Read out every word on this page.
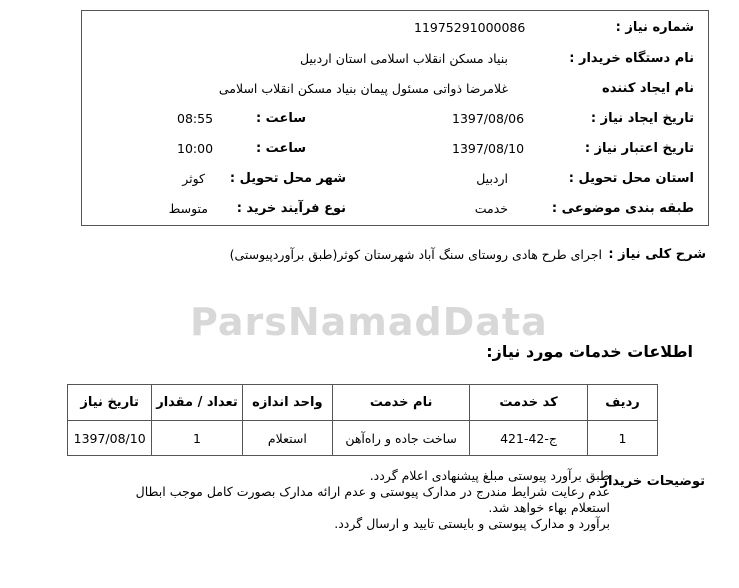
ParsNamadData
شماره نیاز :
11975291000086
نام دستگاه خریدار :
بنیاد مسکن انقلاب اسلامی استان اردبیل
نام ایجاد کننده
غلامرضا ذواتی مسئول پیمان بنیاد مسکن انقلاب اسلامی
تاریخ ایجاد نیاز :
1397/08/06
ساعت :
08:55
تاریخ اعتبار نیاز :
1397/08/10
ساعت :
10:00
استان محل تحویل :
اردبیل
شهر محل تحویل :
کوثر
طبقه بندی موضوعی :
خدمت
نوع فرآیند خرید :
متوسط
شرح کلی نیاز :
اجرای طرح هادی روستای سنگ آباد شهرستان کوثر(طبق برآوردپیوستی)
اطلاعات خدمات مورد نیاز:
ردیف	کد خدمت	نام خدمت	واحد اندازه	تعداد / مقدار	تاریخ نیاز
1	ج-42-421	ساخت جاده و راه‌آهن	استعلام	1	1397/08/10
توضیحات خریدار
طبق برآورد پیوستی مبلغ پیشنهادی اعلام گردد.
عدم رعایت شرایط مندرج در مدارک پیوستی و عدم ارائه مدارک بصورت کامل موجب ابطال
استعلام بهاء خواهد شد.
برآورد و مدارک پیوستی و بایستی تایید و ارسال گردد.
